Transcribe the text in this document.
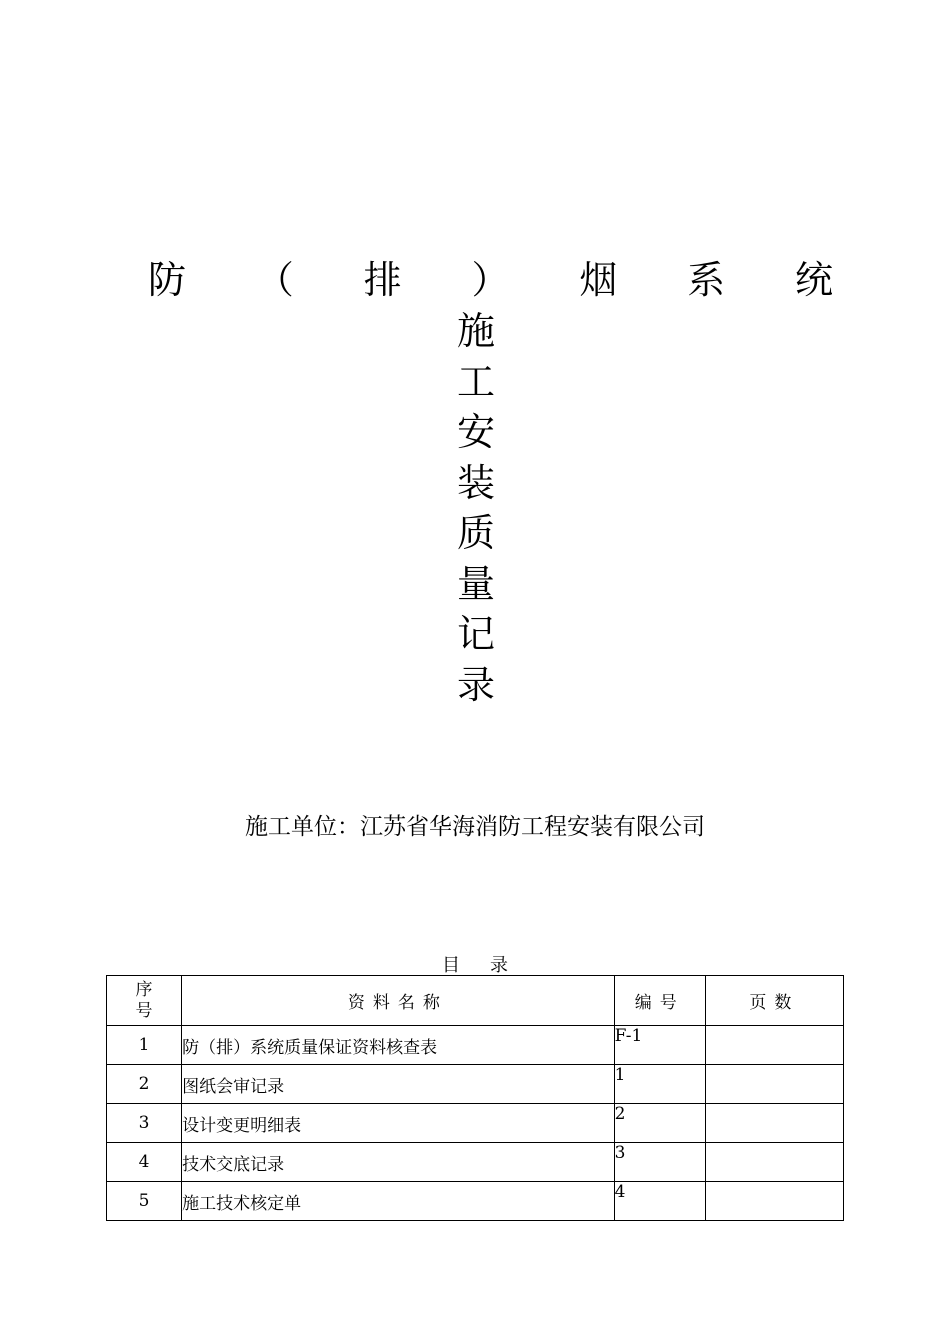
防 （ 排 ） 烟 系 统
施
工
安
装
质
量
记
录
施工单位：江苏省华海消防工程安装有限公司
目录
序
号	资料名称	编号	页数
1	防（排）系统质量保证资料核查表	F-1	
2	图纸会审记录	1	
3	设计变更明细表	2	
4	技术交底记录	3	
5	施工技术核定单	4	
